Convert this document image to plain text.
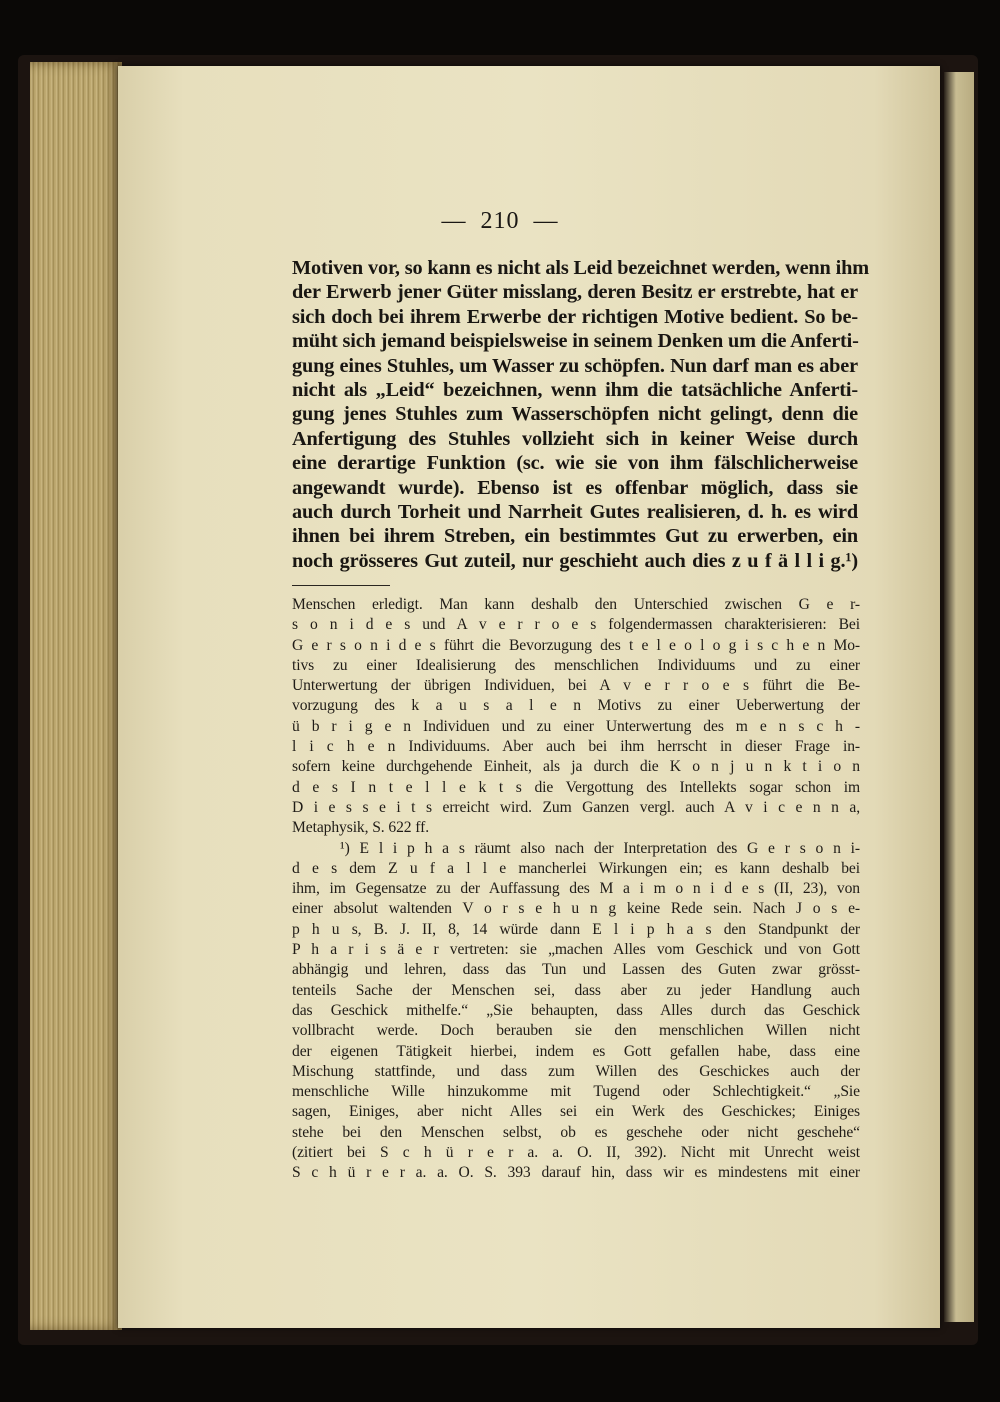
— 210 —
Motiven vor, so kann es nicht als Leid bezeichnet werden, wenn ihm
der Erwerb jener Güter misslang, deren Besitz er erstrebte, hat er
sich doch bei ihrem Erwerbe der richtigen Motive bedient. So be-
müht sich jemand beispielsweise in seinem Denken um die Anferti-
gung eines Stuhles, um Wasser zu schöpfen. Nun darf man es aber
nicht als „Leid“ bezeichnen, wenn ihm die tatsächliche Anferti-
gung jenes Stuhles zum Wasserschöpfen nicht gelingt, denn die
Anfertigung des Stuhles vollzieht sich in keiner Weise durch
eine derartige Funktion (sc. wie sie von ihm fälschlicherweise
angewandt wurde). Ebenso ist es offenbar möglich, dass sie
auch durch Torheit und Narrheit Gutes realisieren, d. h. es wird
ihnen bei ihrem Streben, ein bestimmtes Gut zu erwerben, ein
noch grösseres Gut zuteil, nur geschieht auch dies z u f ä l l i g.¹)
Menschen erledigt. Man kann deshalb den Unterschied zwischen G e r-
s o n i d e s und A v e r r o e s folgendermassen charakterisieren: Bei
G e r s o n i d e s führt die Bevorzugung des t e l e o l o g i s c h e n Mo-
tivs zu einer Idealisierung des menschlichen Individuums und zu einer
Unterwertung der übrigen Individuen, bei A v e r r o e s führt die Be-
vorzugung des k a u s a l e n Motivs zu einer Ueberwertung der
ü b r i g e n Individuen und zu einer Unterwertung des m e n s c h -
l i c h e n Individuums. Aber auch bei ihm herrscht in dieser Frage in-
sofern keine durchgehende Einheit, als ja durch die K o n j u n k t i o n
d e s I n t e l l e k t s die Vergottung des Intellekts sogar schon im
D i e s s e i t s erreicht wird. Zum Ganzen vergl. auch A v i c e n n a,
Metaphysik, S. 622 ff.
¹) E l i p h a s räumt also nach der Interpretation des G e r s o n i-
d e s dem Z u f a l l e mancherlei Wirkungen ein; es kann deshalb bei
ihm, im Gegensatze zu der Auffassung des M a i m o n i d e s (II, 23), von
einer absolut waltenden V o r s e h u n g keine Rede sein. Nach J o s e-
p h u s, B. J. II, 8, 14 würde dann E l i p h a s den Standpunkt der
P h a r i s ä e r vertreten: sie „machen Alles vom Geschick und von Gott
abhängig und lehren, dass das Tun und Lassen des Guten zwar grösst-
tenteils Sache der Menschen sei, dass aber zu jeder Handlung auch
das Geschick mithelfe.“ „Sie behaupten, dass Alles durch das Geschick
vollbracht werde. Doch berauben sie den menschlichen Willen nicht
der eigenen Tätigkeit hierbei, indem es Gott gefallen habe, dass eine
Mischung stattfinde, und dass zum Willen des Geschickes auch der
menschliche Wille hinzukomme mit Tugend oder Schlechtigkeit.“ „Sie
sagen, Einiges, aber nicht Alles sei ein Werk des Geschickes; Einiges
stehe bei den Menschen selbst, ob es geschehe oder nicht geschehe“
(zitiert bei S c h ü r e r a. a. O. II, 392). Nicht mit Unrecht weist
S c h ü r e r a. a. O. S. 393 darauf hin, dass wir es mindestens mit einer
